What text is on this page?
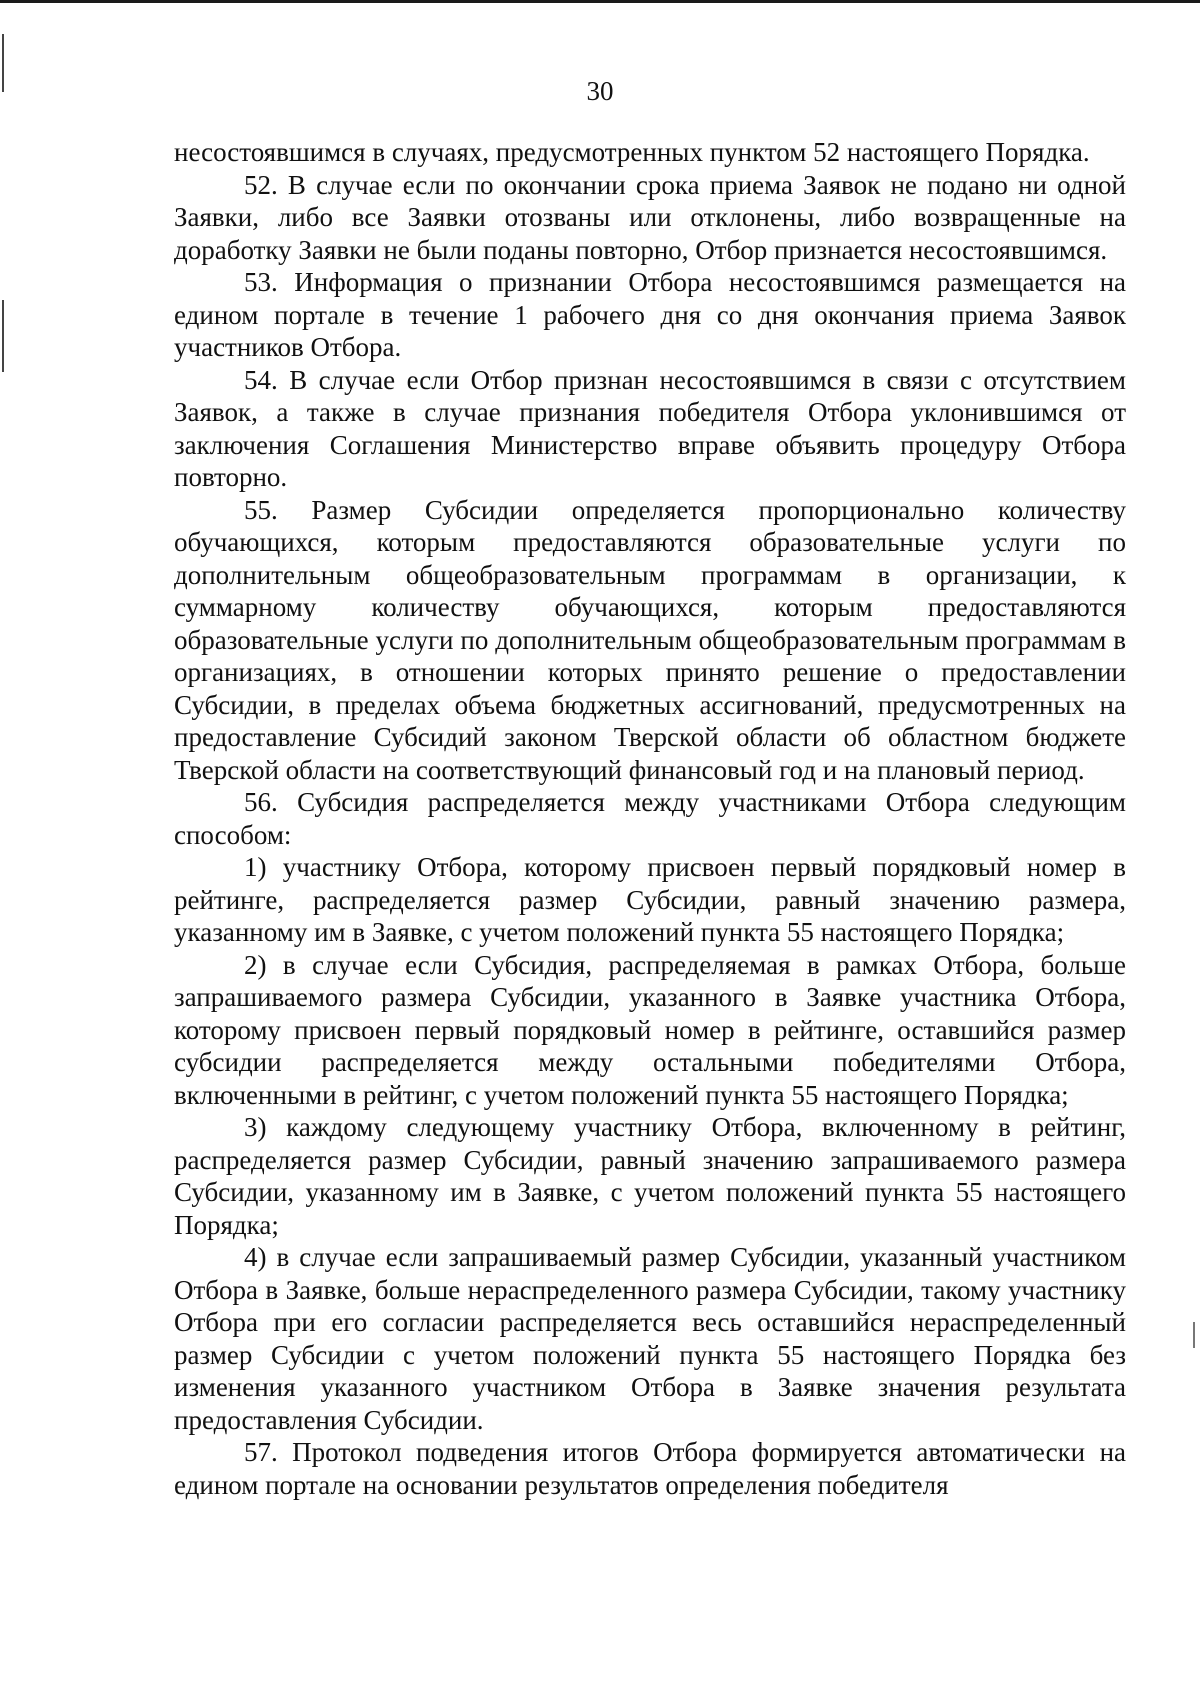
30

несостоявшимся в случаях, предусмотренных пунктом 52 настоящего Порядка.

52. В случае если по окончании срока приема Заявок не подано ни одной Заявки, либо все Заявки отозваны или отклонены, либо возвращенные на доработку Заявки не были поданы повторно, Отбор признается несостоявшимся.

53. Информация о признании Отбора несостоявшимся размещается на едином портале в течение 1 рабочего дня со дня окончания приема Заявок участников Отбора.

54. В случае если Отбор признан несостоявшимся в связи с отсутствием Заявок, а также в случае признания победителя Отбора уклонившимся от заключения Соглашения Министерство вправе объявить процедуру Отбора повторно.

55. Размер Субсидии определяется пропорционально количеству обучающихся, которым предоставляются образовательные услуги по дополнительным общеобразовательным программам в организации, к суммарному количеству обучающихся, которым предоставляются образовательные услуги по дополнительным общеобразовательным программам в организациях, в отношении которых принято решение о предоставлении Субсидии, в пределах объема бюджетных ассигнований, предусмотренных на предоставление Субсидий законом Тверской области об областном бюджете Тверской области на соответствующий финансовый год и на плановый период.

56. Субсидия распределяется между участниками Отбора следующим способом:

1) участнику Отбора, которому присвоен первый порядковый номер в рейтинге, распределяется размер Субсидии, равный значению размера, указанному им в Заявке, с учетом положений пункта 55 настоящего Порядка;

2) в случае если Субсидия, распределяемая в рамках Отбора, больше запрашиваемого размера Субсидии, указанного в Заявке участника Отбора, которому присвоен первый порядковый номер в рейтинге, оставшийся размер субсидии распределяется между остальными победителями Отбора, включенными в рейтинг, с учетом положений пункта 55 настоящего Порядка;

3) каждому следующему участнику Отбора, включенному в рейтинг, распределяется размер Субсидии, равный значению запрашиваемого размера Субсидии, указанному им в Заявке, с учетом положений пункта 55 настоящего Порядка;

4) в случае если запрашиваемый размер Субсидии, указанный участником Отбора в Заявке, больше нераспределенного размера Субсидии, такому участнику Отбора при его согласии распределяется весь оставшийся нераспределенный размер Субсидии с учетом положений пункта 55 настоящего Порядка без изменения указанного участником Отбора в Заявке значения результата предоставления Субсидии.

57. Протокол подведения итогов Отбора формируется автоматически на едином портале на основании результатов определения победителя
